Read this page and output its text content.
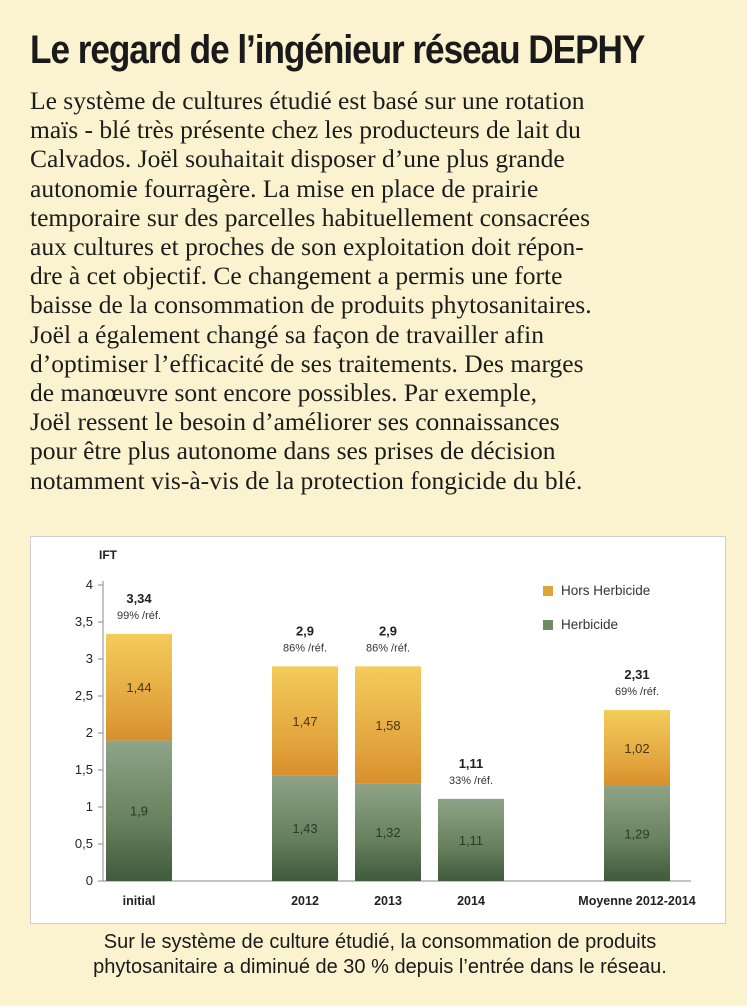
Le regard de l’ingénieur réseau DEPHY
Le système de cultures étudié est basé sur une rotation
maïs - blé très présente chez les producteurs de lait du
Calvados. Joël souhaitait disposer d’une plus grande
autonomie fourragère. La mise en place de prairie
temporaire sur des parcelles habituellement consacrées
aux cultures et proches de son exploitation doit répon-
dre à cet objectif. Ce changement a permis une forte
baisse de la consommation de produits phytosanitaires.
Joël a également changé sa façon de travailler afin
d’optimiser l’efficacité de ses traitements. Des marges
de manœuvre sont encore possibles. Par exemple,
Joël ressent le besoin d’améliorer ses connaissances
pour être plus autonome dans ses prises de décision
notamment vis-à-vis de la protection fongicide du blé.
IFT
0
0,5
1
1,5
2
2,5
3
3,5
4
1,9
1,44
3,34
99% /réf.
initial
1,43
1,47
2,9
86% /réf.
2012
1,32
1,58
2,9
86% /réf.
2013
1,11
1,11
33% /réf.
2014
1,29
1,02
2,31
69% /réf.
Moyenne 2012-2014
Hors Herbicide
Herbicide
Sur le système de culture étudié, la consommation de produits
phytosanitaire a diminué de 30 % depuis l’entrée dans le réseau.
